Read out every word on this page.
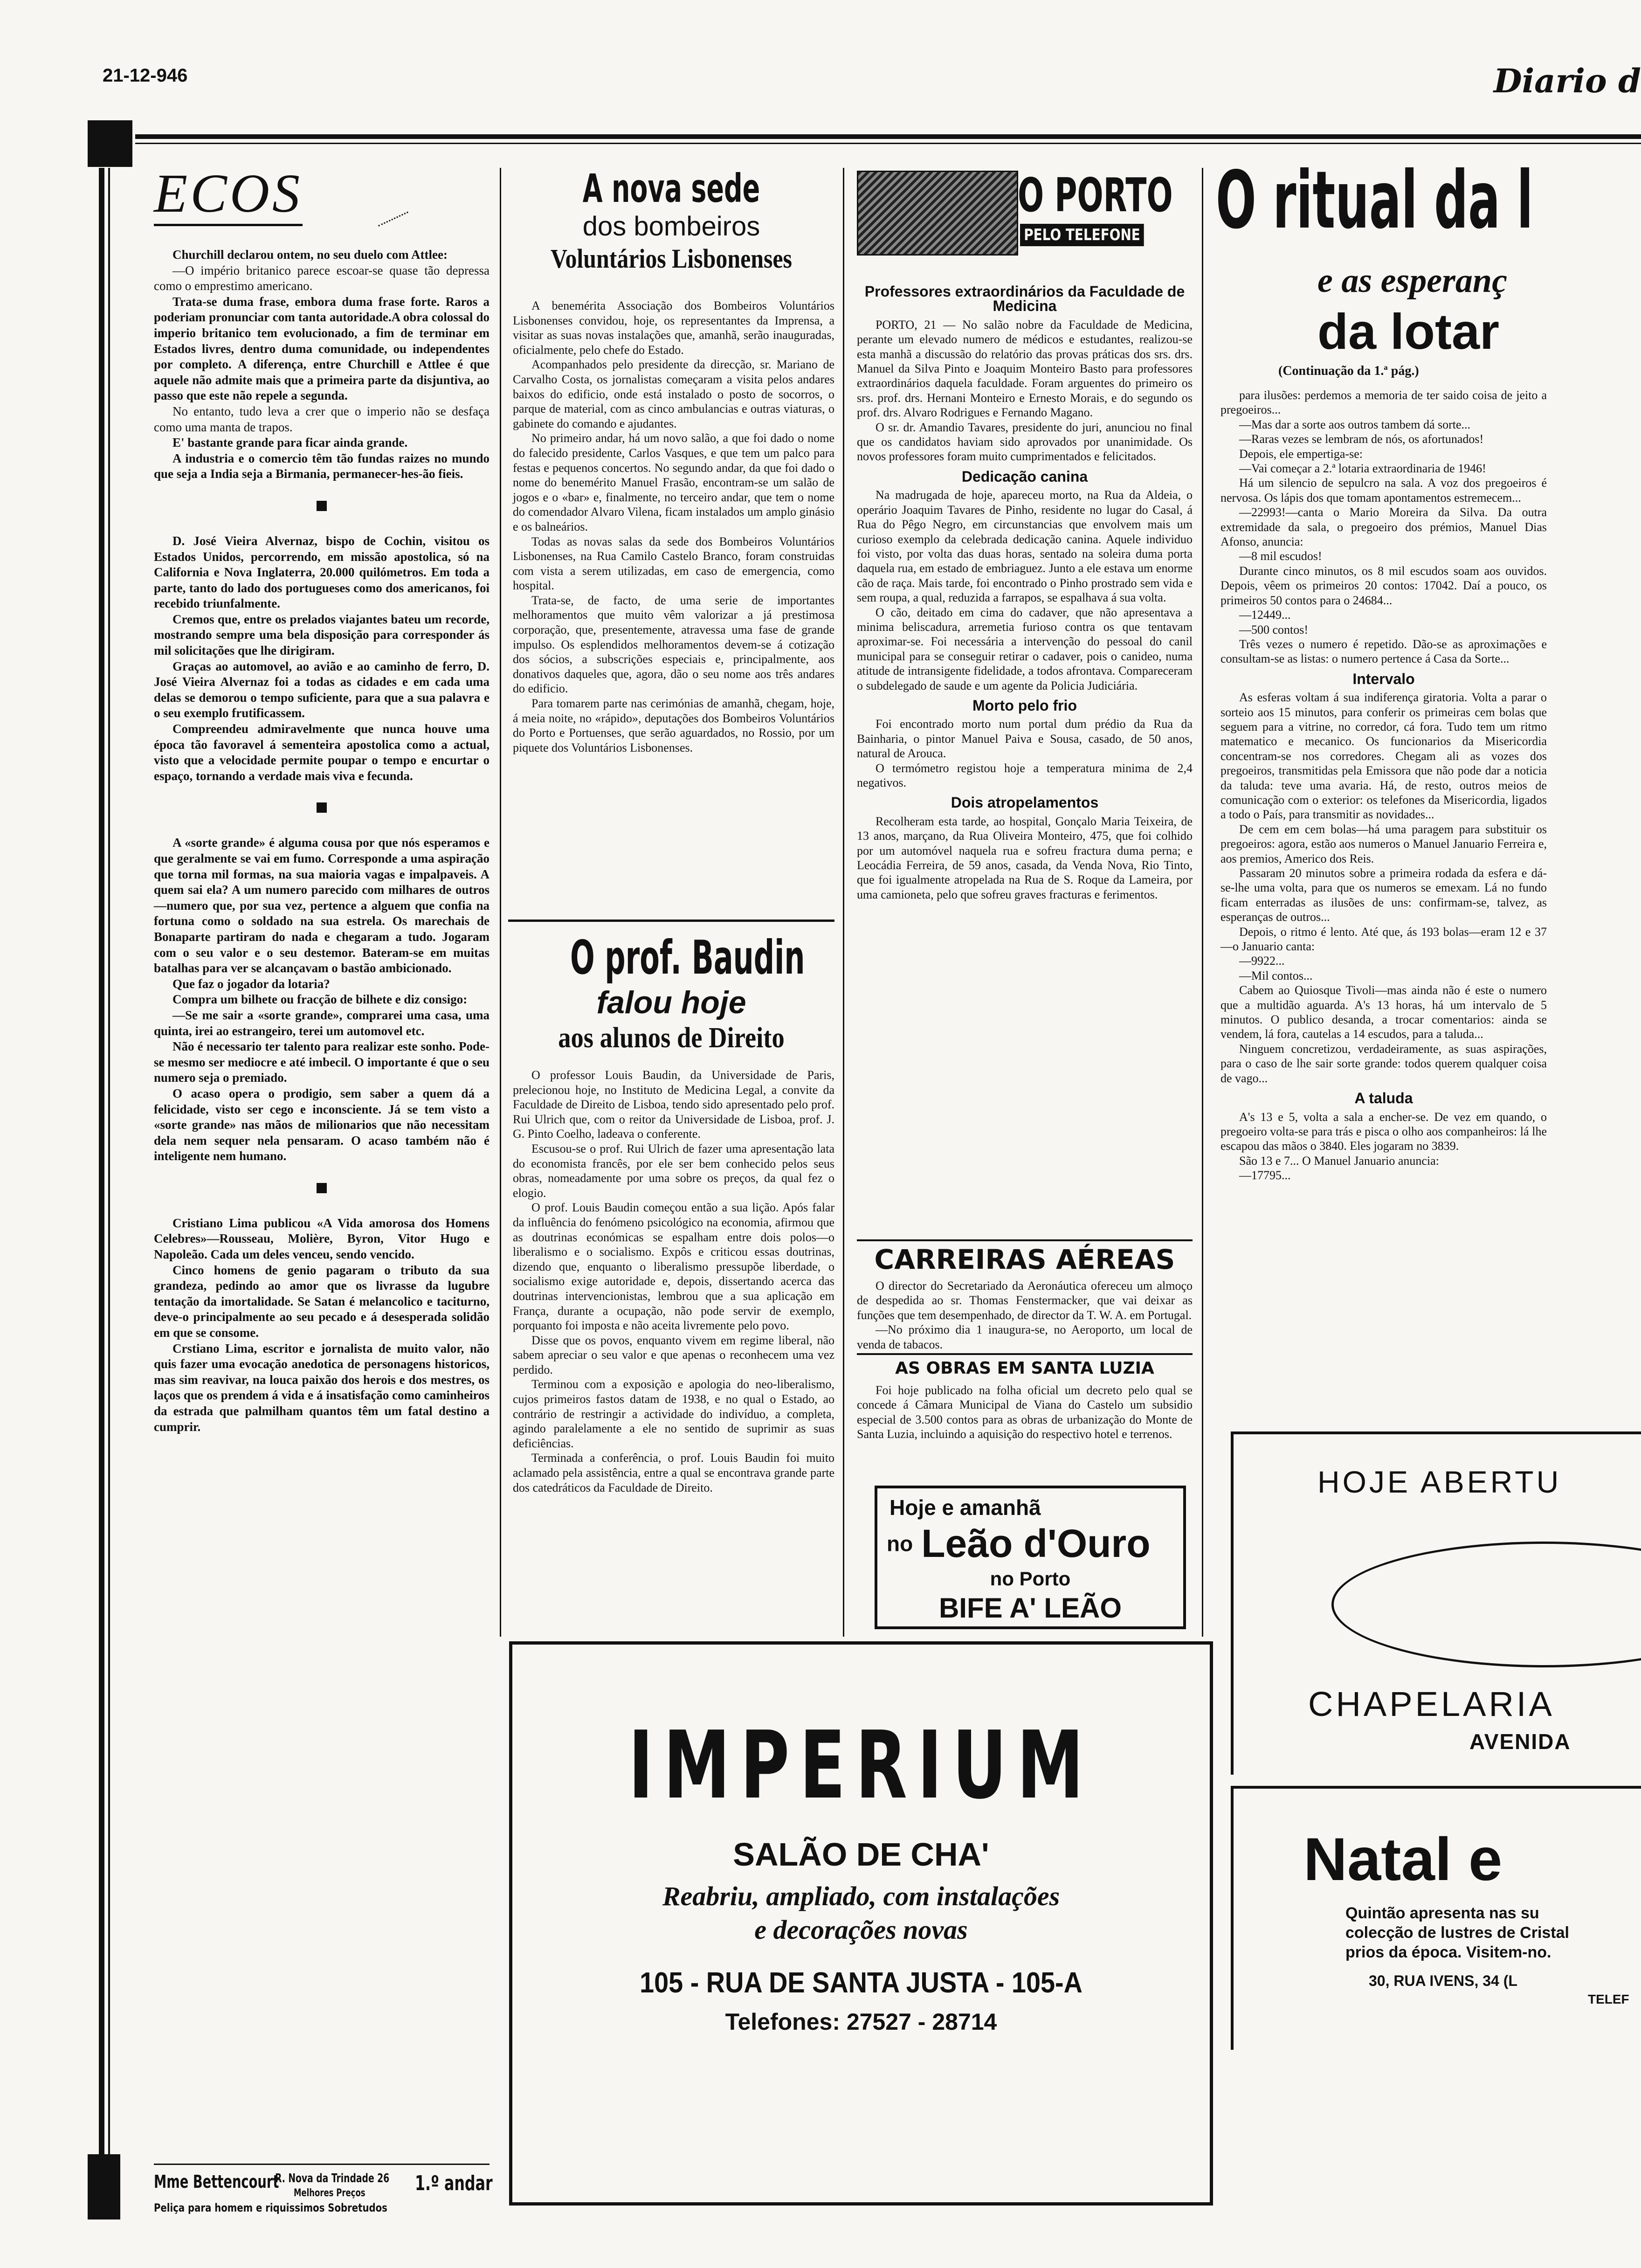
21-12-946	Diario d
ECOS

Churchill declarou ontem, no seu duelo com Attlee:

—O império britanico parece escoar-se quase tão depressa como o emprestimo americano.

Trata-se duma frase, embora duma frase forte. Raros a poderiam pronunciar com tanta autoridade.A obra colossal do imperio britanico tem evolucionado, a fim de terminar em Estados livres, dentro duma comunidade, ou independentes por completo. A diferença, entre Churchill e Attlee é que aquele não admite mais que a primeira parte da disjuntiva, ao passo que este não repele a segunda.

No entanto, tudo leva a crer que o imperio não se desfaça como uma manta de trapos.

E' bastante grande para ficar ainda grande.

A industria e o comercio têm tão fundas raizes no mundo que seja a India seja a Birmania, permanecer-hes-ão fieis.

D. José Vieira Alvernaz, bispo de Cochin, visitou os Estados Unidos, percorrendo, em missão apostolica, só na California e Nova Inglaterra, 20.000 quilómetros. Em toda a parte, tanto do lado dos portugueses como dos americanos, foi recebido triunfalmente.

Cremos que, entre os prelados viajantes bateu um recorde, mostrando sempre uma bela disposição para corresponder ás mil solicitações que lhe dirigiram.

Graças ao automovel, ao avião e ao caminho de ferro, D. José Vieira Alvernaz foi a todas as cidades e em cada uma delas se demorou o tempo suficiente, para que a sua palavra e o seu exemplo frutificassem.

Compreendeu admiravelmente que nunca houve uma época tão favoravel á sementeira apostolica como a actual, visto que a velocidade permite poupar o tempo e encurtar o espaço, tornando a verdade mais viva e fecunda.

A «sorte grande» é alguma cousa por que nós esperamos e que geralmente se vai em fumo. Corresponde a uma aspiração que torna mil formas, na sua maioria vagas e impalpaveis. A quem sai ela? A um numero parecido com milhares de outros—numero que, por sua vez, pertence a alguem que confia na fortuna como o soldado na sua estrela. Os marechais de Bonaparte partiram do nada e chegaram a tudo. Jogaram com o seu valor e o seu destemor. Bateram-se em muitas batalhas para ver se alcançavam o bastão ambicionado.

Que faz o jogador da lotaria?

Compra um bilhete ou fracção de bilhete e diz consigo:

—Se me sair a «sorte grande», comprarei uma casa, uma quinta, irei ao estrangeiro, terei um automovel etc.

Não é necessario ter talento para realizar este sonho. Pode-se mesmo ser mediocre e até imbecil. O importante é que o seu numero seja o premiado.

O acaso opera o prodigio, sem saber a quem dá a felicidade, visto ser cego e inconsciente. Já se tem visto a «sorte grande» nas mãos de milionarios que não necessitam dela nem sequer nela pensaram. O acaso também não é inteligente nem humano.

Cristiano Lima publicou «A Vida amorosa dos Homens Celebres»—Rousseau, Molière, Byron, Vitor Hugo e Napoleão. Cada um deles venceu, sendo vencido.

Cinco homens de genio pagaram o tributo da sua grandeza, pedindo ao amor que os livrasse da lugubre tentação da imortalidade. Se Satan é melancolico e taciturno, deve-o principalmente ao seu pecado e á desesperada solidão em que se consome.

Crstiano Lima, escritor e jornalista de muito valor, não quis fazer uma evocação anedotica de personagens historicos, mas sim reavivar, na louca paixão dos herois e dos mestres, os laços que os prendem á vida e á insatisfação como caminheiros da estrada que palmilham quantos têm um fatal destino a cumprir.

Mme Bettencourt
R. Nova da Trindade 26 1.º andar
Melhores Preços
Peliça para homem e riquissimos Sobretudos
A nova sede
dos bombeiros
Voluntários Lisbonenses

A benemérita Associação dos Bombeiros Voluntários Lisbonenses convidou, hoje, os representantes da Imprensa, a visitar as suas novas instalações que, amanhã, serão inauguradas, oficialmente, pelo chefe do Estado.

Acompanhados pelo presidente da direcção, sr. Mariano de Carvalho Costa, os jornalistas começaram a visita pelos andares baixos do edificio, onde está instalado o posto de socorros, o parque de material, com as cinco ambulancias e outras viaturas, o gabinete do comando e ajudantes.

No primeiro andar, há um novo salão, a que foi dado o nome do falecido presidente, Carlos Vasques, e que tem um palco para festas e pequenos concertos. No segundo andar, da que foi dado o nome do benemérito Manuel Frasão, encontram-se um salão de jogos e o «bar» e, finalmente, no terceiro andar, que tem o nome do comendador Alvaro Vilena, ficam instalados um amplo ginásio e os balneários.

Todas as novas salas da sede dos Bombeiros Voluntários Lisbonenses, na Rua Camilo Castelo Branco, foram construidas com vista a serem utilizadas, em caso de emergencia, como hospital.

Trata-se, de facto, de uma serie de importantes melhoramentos que muito vêm valorizar a já prestimosa corporação, que, presentemente, atravessa uma fase de grande impulso. Os esplendidos melhoramentos devem-se á cotização dos sócios, a subscrições especiais e, principalmente, aos donativos daqueles que, agora, dão o seu nome aos três andares do edificio.

Para tomarem parte nas cerimónias de amanhã, chegam, hoje, á meia noite, no «rápido», deputações dos Bombeiros Voluntários do Porto e Portuenses, que serão aguardados, no Rossio, por um piquete dos Voluntários Lisbonenses.

O prof. Baudin
falou hoje
aos alunos de Direito

O professor Louis Baudin, da Universidade de Paris, prelecionou hoje, no Instituto de Medicina Legal, a convite da Faculdade de Direito de Lisboa, tendo sido apresentado pelo prof. Rui Ulrich que, com o reitor da Universidade de Lisboa, prof. J. G. Pinto Coelho, ladeava o conferente.

Escusou-se o prof. Rui Ulrich de fazer uma apresentação lata do economista francês, por ele ser bem conhecido pelos seus obras, nomeadamente por uma sobre os preços, da qual fez o elogio.

O prof. Louis Baudin começou então a sua lição. Após falar da influência do fenómeno psicológico na economia, afirmou que as doutrinas económicas se espalham entre dois polos—o liberalismo e o socialismo. Expôs e criticou essas doutrinas, dizendo que, enquanto o liberalismo pressupõe liberdade, o socialismo exige autoridade e, depois, dissertando acerca das doutrinas intervencionistas, lembrou que a sua aplicação em França, durante a ocupação, não pode servir de exemplo, porquanto foi imposta e não aceita livremente pelo povo.

Disse que os povos, enquanto vivem em regime liberal, não sabem apreciar o seu valor e que apenas o reconhecem uma vez perdido.

Terminou com a exposição e apologia do neo-liberalismo, cujos primeiros fastos datam de 1938, e no qual o Estado, ao contrário de restringir a actividade do indivíduo, a completa, agindo paralelamente a ele no sentido de suprimir as suas deficiências.

Terminada a conferência, o prof. Louis Baudin foi muito aclamado pela assistência, entre a qual se encontrava grande parte dos catedráticos da Faculdade de Direito.

O PORTO
PELO TELEFONE
Professores extraordinários da Faculdade de Medicina

PORTO, 21 — No salão nobre da Faculdade de Medicina, perante um elevado numero de médicos e estudantes, realizou-se esta manhã a discussão do relatório das provas práticas dos srs. drs. Manuel da Silva Pinto e Joaquim Monteiro Basto para professores extraordinários daquela faculdade. Foram arguentes do primeiro os srs. prof. drs. Hernani Monteiro e Ernesto Morais, e do segundo os prof. drs. Alvaro Rodrigues e Fernando Magano.

O sr. dr. Amandio Tavares, presidente do juri, anunciou no final que os candidatos haviam sido aprovados por unanimidade. Os novos professores foram muito cumprimentados e felicitados.

Dedicação canina

Na madrugada de hoje, apareceu morto, na Rua da Aldeia, o operário Joaquim Tavares de Pinho, residente no lugar do Casal, á Rua do Pêgo Negro, em circunstancias que envolvem mais um curioso exemplo da celebrada dedicação canina. Aquele individuo foi visto, por volta das duas horas, sentado na soleira duma porta daquela rua, em estado de embriaguez. Junto a ele estava um enorme cão de raça. Mais tarde, foi encontrado o Pinho prostrado sem vida e sem roupa, a qual, reduzida a farrapos, se espalhava á sua volta.

O cão, deitado em cima do cadaver, que não apresentava a minima beliscadura, arremetia furioso contra os que tentavam aproximar-se. Foi necessária a intervenção do pessoal do canil municipal para se conseguir retirar o cadaver, pois o canideo, numa atitude de intransigente fidelidade, a todos afrontava. Compareceram o subdelegado de saude e um agente da Policia Judiciária.

Morto pelo frio

Foi encontrado morto num portal dum prédio da Rua da Bainharia, o pintor Manuel Paiva e Sousa, casado, de 50 anos, natural de Arouca.

O termómetro registou hoje a temperatura minima de 2,4 negativos.

Dois atropelamentos

Recolheram esta tarde, ao hospital, Gonçalo Maria Teixeira, de 13 anos, marçano, da Rua Oliveira Monteiro, 475, que foi colhido por um automóvel naquela rua e sofreu fractura duma perna; e Leocádia Ferreira, de 59 anos, casada, da Venda Nova, Rio Tinto, que foi igualmente atropelada na Rua de S. Roque da Lameira, por uma camioneta, pelo que sofreu graves fracturas e ferimentos.

CARREIRAS AÉREAS

O director do Secretariado da Aeronáutica ofereceu um almoço de despedida ao sr. Thomas Fenstermacker, que vai deixar as funções que tem desempenhado, de director da T. W. A. em Portugal.

—No próximo dia 1 inaugura-se, no Aeroporto, um local de venda de tabacos.

AS OBRAS EM SANTA LUZIA

Foi hoje publicado na folha oficial um decreto pelo qual se concede á Câmara Municipal de Viana do Castelo um subsidio especial de 3.500 contos para as obras de urbanização do Monte de Santa Luzia, incluindo a aquisição do respectivo hotel e terrenos.

Hoje e amanhã
no Leão d'Ouro
no Porto
BIFE A' LEÃO
O ritual da l
e as esperanç
da lotar
(Continuação da 1.ª pág.)

para ilusões: perdemos a memoria de ter saido coisa de jeito a pregoeiros...

—Mas dar a sorte aos outros tambem dá sorte...

—Raras vezes se lembram de nós, os afortunados!

Depois, ele empertiga-se:

—Vai começar a 2.ª lotaria extraordinaria de 1946!

Há um silencio de sepulcro na sala. A voz dos pregoeiros é nervosa. Os lápis dos que tomam apontamentos estremecem...

—22993!—canta o Mario Moreira da Silva. Da outra extremidade da sala, o pregoeiro dos prémios, Manuel Dias Afonso, anuncia:

—8 mil escudos!

Durante cinco minutos, os 8 mil escudos soam aos ouvidos. Depois, vêem os primeiros 20 contos: 17042. Daí a pouco, os primeiros 50 contos para o 24684...

—12449...

—500 contos!

Três vezes o numero é repetido. Dão-se as aproximações e consultam-se as listas: o numero pertence á Casa da Sorte...

Intervalo

As esferas voltam á sua indiferença giratoria. Volta a parar o sorteio aos 15 minutos, para conferir os primeiras cem bolas que seguem para a vitrine, no corredor, cá fora. Tudo tem um ritmo matematico e mecanico. Os funcionarios da Misericordia concentram-se nos corredores. Chegam ali as vozes dos pregoeiros, transmitidas pela Emissora que não pode dar a noticia da taluda: teve uma avaria. Há, de resto, outros meios de comunicação com o exterior: os telefones da Misericordia, ligados a todo o País, para transmitir as novidades...

De cem em cem bolas—há uma paragem para substituir os pregoeiros: agora, estão aos numeros o Manuel Januario Ferreira e, aos premios, Americo dos Reis.

Passaram 20 minutos sobre a primeira rodada da esfera e dá-se-lhe uma volta, para que os numeros se emexam. Lá no fundo ficam enterradas as ilusões de uns: confirmam-se, talvez, as esperanças de outros...

Depois, o ritmo é lento. Até que, ás 193 bolas—eram 12 e 37—o Januario canta:

—9922...

—Mil contos...

Cabem ao Quiosque Tivoli—mas ainda não é este o numero que a multidão aguarda. A's 13 horas, há um intervalo de 5 minutos. O publico desanda, a trocar comentarios: ainda se vendem, lá fora, cautelas a 14 escudos, para a taluda...

Ninguem concretizou, verdadeiramente, as suas aspirações, para o caso de lhe sair sorte grande: todos querem qualquer coisa de vago...

A taluda

A's 13 e 5, volta a sala a encher-se. De vez em quando, o pregoeiro volta-se para trás e pisca o olho aos companheiros: lá lhe escapou das mãos o 3840. Eles jogaram no 3839.

São 13 e 7... O Manuel Januario anuncia:

—17795...

HOJE ABERTU
CHAPELARIA
AVENIDA
Natal e
Quintão apresenta nas su
colecção de lustres de Cristal
prios da época. Visitem-no.
30, RUA IVENS, 34 (L
TELEF
IMPERIUM
SALÃO DE CHA'
Reabriu, ampliado, com instalações
e decorações novas
105 - RUA DE SANTA JUSTA - 105-A
Telefones: 27527 - 28714
